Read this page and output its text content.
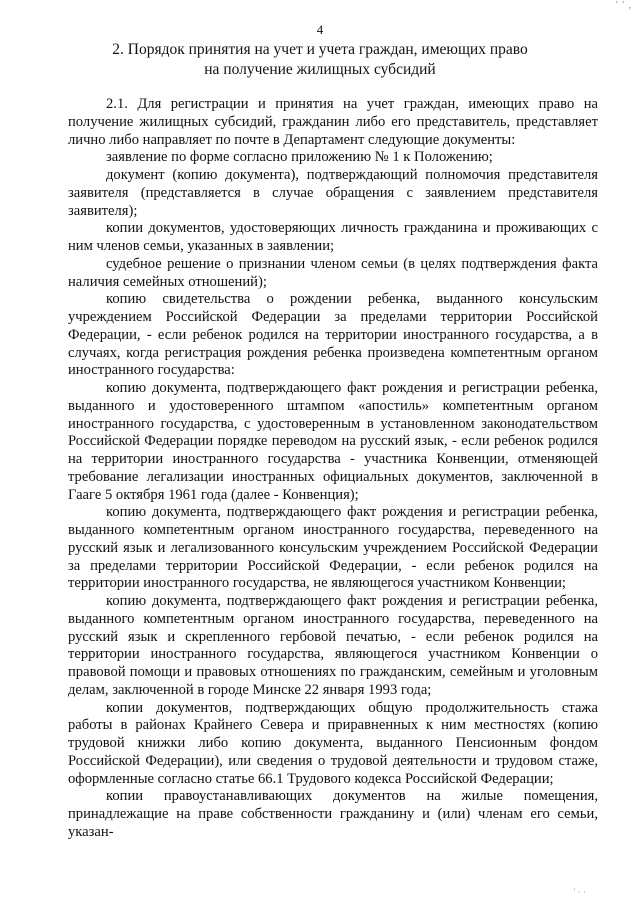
' ' ,
4
2. Порядок принятия на учет и учета граждан, имеющих право
на получение жилищных субсидий

2.1. Для регистрации и принятия на учет граждан, имеющих право на получение жилищных субсидий, гражданин либо его представитель, представляет лично либо направляет по почте в Департамент следующие документы:

заявление по форме согласно приложению № 1 к Положению;

документ (копию документа), подтверждающий полномочия представителя заявителя (представляется в случае обращения с заявлением представителя заявителя);

копии документов, удостоверяющих личность гражданина и проживающих с ним членов семьи, указанных в заявлении;

судебное решение о признании членом семьи (в целях подтверждения факта наличия семейных отношений);

копию свидетельства о рождении ребенка, выданного консульским учреждением Российской Федерации за пределами территории Российской Федерации, - если ребенок родился на территории иностранного государства, а в случаях, когда регистрация рождения ребенка произведена компетентным органом иностранного государства:

копию документа, подтверждающего факт рождения и регистрации ребенка, выданного и удостоверенного штампом «апостиль» компетентным органом иностранного государства, с удостоверенным в установленном законодательством Российской Федерации порядке переводом на русский язык, - если ребенок родился на территории иностранного государства - участника Конвенции, отменяющей требование легализации иностранных официальных документов, заключенной в Гааге 5 октября 1961 года (далее - Конвенция);

копию документа, подтверждающего факт рождения и регистрации ребенка, выданного компетентным органом иностранного государства, переведенного на русский язык и легализованного консульским учреждением Российской Федерации за пределами территории Российской Федерации, - если ребенок родился на территории иностранного государства, не являющегося участником Конвенции;

копию документа, подтверждающего факт рождения и регистрации ребенка, выданного компетентным органом иностранного государства, переведенного на русский язык и скрепленного гербовой печатью, - если ребенок родился на территории иностранного государства, являющегося участником Конвенции о правовой помощи и правовых отношениях по гражданским, семейным и уголовным делам, заключенной в городе Минске 22 января 1993 года;

копии документов, подтверждающих общую продолжительность стажа работы в районах Крайнего Севера и приравненных к ним местностях (копию трудовой книжки либо копию документа, выданного Пенсионным фондом Российской Федерации), или сведения о трудовой деятельности и трудовом стаже, оформленные согласно статье 66.1 Трудового кодекса Российской Федерации;

копии правоустанавливающих документов на жилые помещения, принадлежащие на праве собственности гражданину и (или) членам его семьи, указан-

' · ·
